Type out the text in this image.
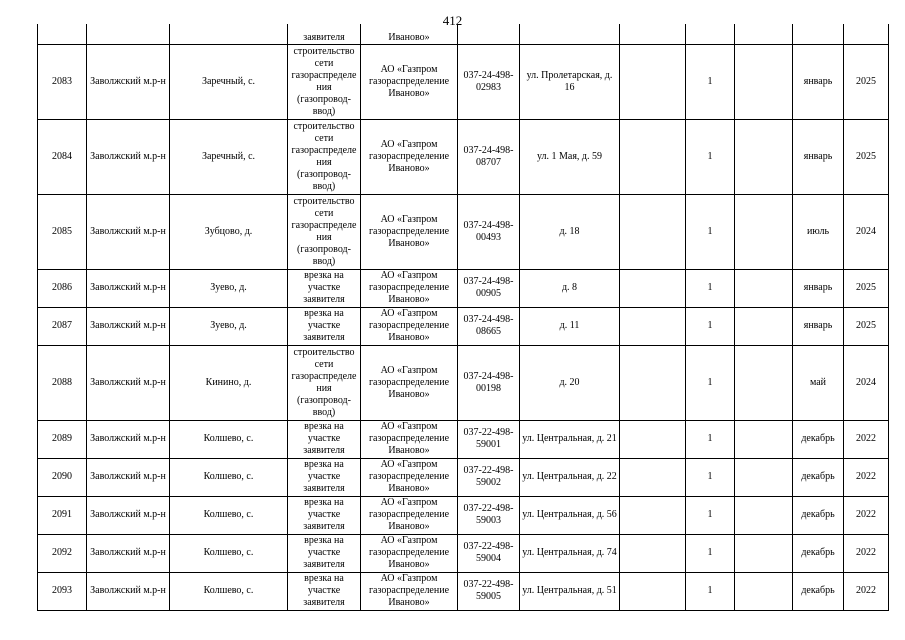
412
			заявителя	Иваново»							
2083	Заволжский м.р-н	Заречный, с.	строительство сети газораспределения (газопровод-ввод)	АО «Газпром газораспределение Иваново»	037-24-498-02983	ул. Пролетарская, д. 16		1		январь	2025
2084	Заволжский м.р-н	Заречный, с.	строительство сети газораспределения (газопровод-ввод)	АО «Газпром газораспределение Иваново»	037-24-498-08707	ул. 1 Мая, д. 59		1		январь	2025
2085	Заволжский м.р-н	Зубцово, д.	строительство сети газораспределения (газопровод-ввод)	АО «Газпром газораспределение Иваново»	037-24-498-00493	д. 18		1		июль	2024
2086	Заволжский м.р-н	Зуево, д.	врезка на участке заявителя	АО «Газпром газораспределение Иваново»	037-24-498-00905	д. 8		1		январь	2025
2087	Заволжский м.р-н	Зуево, д.	врезка на участке заявителя	АО «Газпром газораспределение Иваново»	037-24-498-08665	д. 11		1		январь	2025
2088	Заволжский м.р-н	Кинино, д.	строительство сети газораспределения (газопровод-ввод)	АО «Газпром газораспределение Иваново»	037-24-498-00198	д. 20		1		май	2024
2089	Заволжский м.р-н	Колшево, с.	врезка на участке заявителя	АО «Газпром газораспределение Иваново»	037-22-498-59001	ул. Центральная, д. 21		1		декабрь	2022
2090	Заволжский м.р-н	Колшево, с.	врезка на участке заявителя	АО «Газпром газораспределение Иваново»	037-22-498-59002	ул. Центральная, д. 22		1		декабрь	2022
2091	Заволжский м.р-н	Колшево, с.	врезка на участке заявителя	АО «Газпром газораспределение Иваново»	037-22-498-59003	ул. Центральная, д. 56		1		декабрь	2022
2092	Заволжский м.р-н	Колшево, с.	врезка на участке заявителя	АО «Газпром газораспределение Иваново»	037-22-498-59004	ул. Центральная, д. 74		1		декабрь	2022
2093	Заволжский м.р-н	Колшево, с.	врезка на участке заявителя	АО «Газпром газораспределение Иваново»	037-22-498-59005	ул. Центральная, д. 51		1		декабрь	2022
